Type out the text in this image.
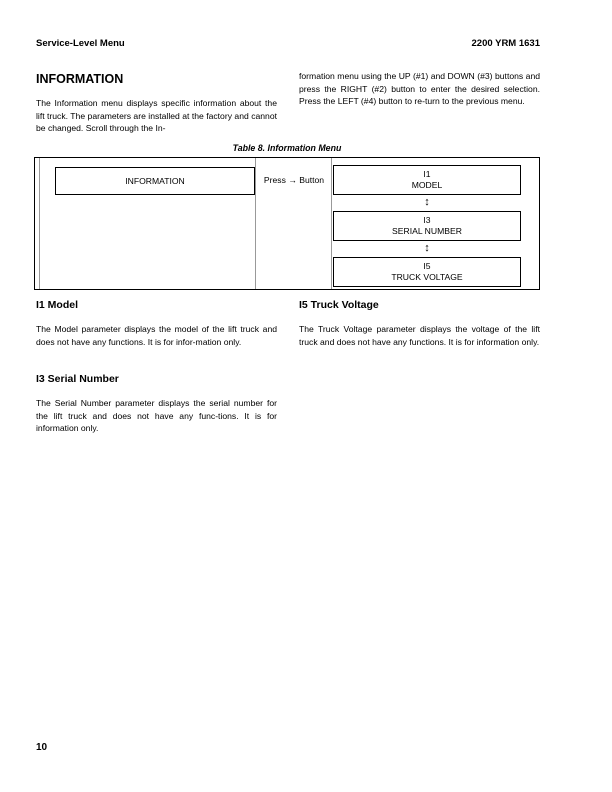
Service-Level Menu	2200 YRM 1631
INFORMATION
The Information menu displays specific information about the lift truck. The parameters are installed at the factory and cannot be changed. Scroll through the In-
formation menu using the UP (#1) and DOWN (#3) buttons and press the RIGHT (#2) button to enter the desired selection. Press the LEFT (#4) button to re-turn to the previous menu.
Table 8. Information Menu
INFORMATION	Press → Button
I1
MODEL
↕
I3
SERIAL NUMBER
↕
I5
TRUCK VOLTAGE
I1 Model
The Model parameter displays the model of the lift truck and does not have any functions. It is for infor-mation only.
I3 Serial Number
The Serial Number parameter displays the serial number for the lift truck and does not have any func-tions. It is for information only.
I5 Truck Voltage
The Truck Voltage parameter displays the voltage of the lift truck and does not have any functions. It is for information only.
10
